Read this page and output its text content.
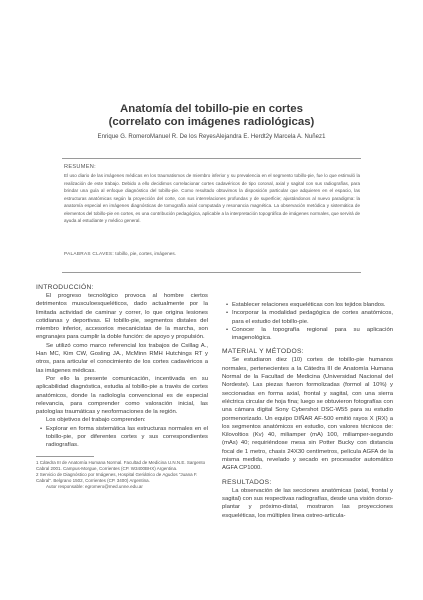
Anatomía del tobillo-pie en cortes
(correlato con imágenes radiológicas)
Enrique G. RomeroManuel R. De los ReyesAlejandra E. Herdt2y Marcela A. Nuñez1
RESUMEN:
El uso diario de las imágenes médicas en los traumatismos de miembro inferior y su prevalencia en el segmento tobillo-pie, fue lo que estimuló la realización de este trabajo. Debido a ello decidimos correlacionar cortes cadavéricos de tipo coronal, axial y sagital con sus radiografías, para brindar una guía al enfoque diagnóstico del tobillo-pie. Como resultado obtuvimos la disposición particular que adquieren en el espacio, las estructuras anatómicas según la proyección del corte, con sus interrelaciones profundas y de superficie; ajustándonos al nuevo paradigma: la anatomía especial en imágenes diagnósticas de tomografía axial computada y resonancia magnética. La observación metódica y sistemática de elementos del tobillo-pie en cortes, es una contribución pedagógica, aplicable a la interpretación topográfica de imágenes normales, que servirá de ayuda al estudiante y médico general.
PALABRAS CLAVES: tobillo, pie, cortes, imágenes.

INTRODUCCIÓN:

El progreso tecnológico provoca al hombre ciertos detrimentos musculoesqueléticos, dado actualmente por la limitada actividad de caminar y correr, lo que origina lesiones cotidianas y deportivas. El tobillo-pie, segmentos distales del miembro inferior, accesorios mecanicistas de la marcha, son engranajes para cumplir la doble función: de apoyo y propulsión.

Se utilizó como marco referencial los trabajos de Csillag A., Han MC, Kim CW, Gosling JA., McMinn RMH Hutchings RT y otros, para articular el conocimiento de los cortes cadavéricos a las imágenes médicas.

Por ello la presente comunicación, incentivada en su aplicabilidad diagnóstica, estudia al tobillo-pie a través de cortes anatómicos, donde la radiología convencional es de especial relevancia, para comprender como valoración inicial, las patologías traumáticas y neoformaciones de la región.

Los objetivos del trabajo comprenden:

• Explorar en forma sistemática las estructuras normales en el tobillo-pie, por diferentes cortes y sus correspondientes radiografías.

1 Cátedra III de Anatomía Humana Normal. Facultad de Medicina U.N.N.E. Sargento Cabral 2001. Campus-Morgue, Corrientes (CP. W3400BHX) Argentina.

2 Servicio de Diagnóstico por Imágenes, Hospital Geriátrico de Agudos "Juana F. Cabral". Belgrano 1502, Corrientes (CP. 3400) Argentina.

Autor responsable: egromero@med.unne.edu.ar

• Establecer relaciones esqueléticas con los tejidos blandos.

• Incorporar la modalidad pedagógica de cortes anatómicos, para el estudio del tobillo-pie.

• Conocer la topografía regional para su aplicación imagenológica.

MATERIAL Y MÉTODOS:

Se estudiaron diez (10) cortes de tobillo-pie humanos normales, pertenecientes a la Cátedra III de Anatomía Humana Normal de la Facultad de Medicina (Universidad Nacional del Nordeste). Las piezas fueron formolizadas (formol al 10%) y seccionadas en forma axial, frontal y sagital, con una sierra eléctrica circular de hoja fina; luego se obtuvieron fotografías con una cámara digital Sony Cybershot DSC-W55 para su estudio pormenorizado. Un equipo DIÑAR AF-500 emitió rayos X (RX) a los segmentos anatómicos en estudio, con valores técnicos de: Kilovoltios (Kv) 40, miliamper (mA) 100, miliamper-segundo (mAs) 40; requiriéndose mesa sin Potter Bucky con distancia focal de 1 metro, chasis 24X30 centímetros, película AGFA de la misma medida, revelado y secado en procesador automático AGFA CP1000.

RESULTADOS:

La observación de las secciones anatómicas (axial, frontal y sagital) con sus respectivas radiografías, desde una visión dorso-plantar y próximo-distal, mostraron las proyecciones esqueléticas, los múltiples linea ostreo-articula-
